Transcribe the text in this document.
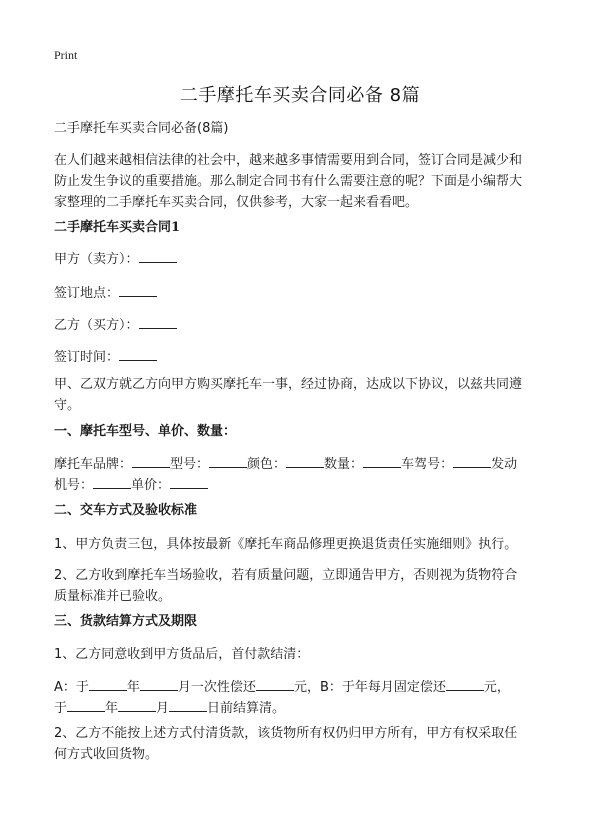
Print
二手摩托车买卖合同必备 8篇
二手摩托车买卖合同必备(8篇)
在人们越来越相信法律的社会中，越来越多事情需要用到合同，签订合同是减少和
防止发生争议的重要措施。那么制定合同书有什么需要注意的呢？下面是小编帮大
家整理的二手摩托车买卖合同，仅供参考，大家一起来看看吧。
二手摩托车买卖合同1
甲方（卖方）：
签订地点：
乙方（买方）：
签订时间：
甲、乙双方就乙方向甲方购买摩托车一事，经过协商，达成以下协议，以兹共同遵
守。
一、摩托车型号、单价、数量：
摩托车品牌：	型号：	颜色：	数量：	车驾号：	发动
机号：	单价：
二、交车方式及验收标准
1、甲方负责三包，具体按最新《摩托车商品修理更换退货责任实施细则》执行。
2、乙方收到摩托车当场验收，若有质量问题，立即通告甲方，否则视为货物符合
质量标准并已验收。
三、货款结算方式及期限
1、乙方同意收到甲方货品后，首付款结清：
A：于	年	月一次性偿还	元，B：于年每月固定偿还	元，
于	年	月	日前结算清。
2、乙方不能按上述方式付清货款，该货物所有权仍归甲方所有，甲方有权采取任
何方式收回货物。
